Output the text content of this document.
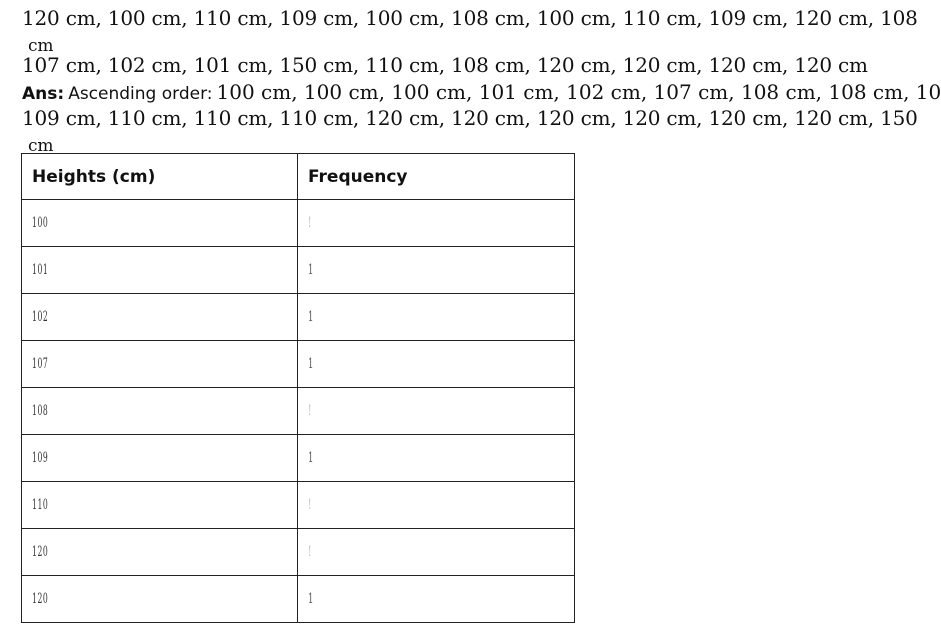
120 cm, 100 cm, 110 cm, 109 cm, 100 cm, 108 cm, 100 cm, 110 cm, 109 cm, 120 cm, 108
cm
107 cm, 102 cm, 101 cm, 150 cm, 110 cm, 108 cm, 120 cm, 120 cm, 120 cm, 120 cm
Ans: Ascending order: 100 cm, 100 cm, 100 cm, 101 cm, 102 cm, 107 cm, 108 cm, 108 cm, 10
109 cm, 110 cm, 110 cm, 110 cm, 120 cm, 120 cm, 120 cm, 120 cm, 120 cm, 120 cm, 150
cm
Heights (cm)	Frequency
100	!
101	1
102	1
107	1
108	!
109	1
110	!
120	!
120	1
